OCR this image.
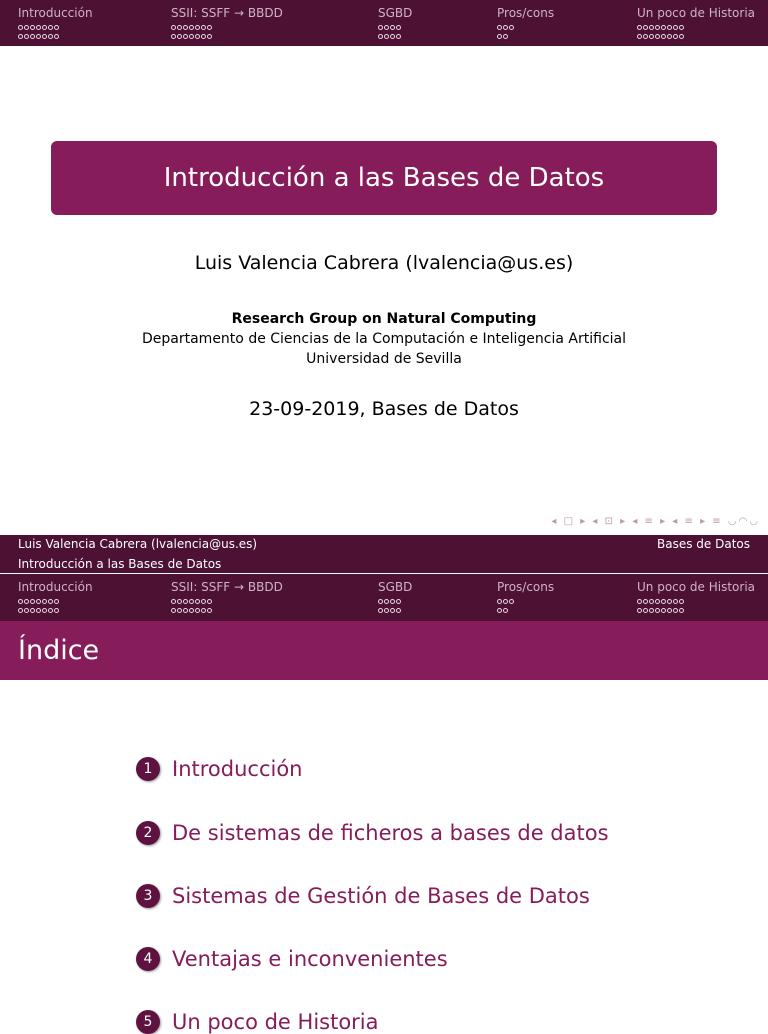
Introducción	SSII: SSFF → BBDD	SGBD	Pros/cons	Un poco de Historia

Introducción a las Bases de Datos
Luis Valencia Cabrera (lvalencia@us.es)
Research Group on Natural Computing
Departamento de Ciencias de la Computación e Inteligencia Artificial
Universidad de Sevilla
23-09-2019, Bases de Datos
◂ □ ▸ ◂ ⊡ ▸ ◂ ≡ ▸ ◂ ≡ ▸ ≡ ◡◠◡
Luis Valencia Cabrera (lvalencia@us.es)	Bases de Datos
Introducción a las Bases de Datos
Introducción	SSII: SSFF → BBDD	SGBD	Pros/cons	Un poco de Historia

Índice
1 Introducción
2 De sistemas de ficheros a bases de datos
3 Sistemas de Gestión de Bases de Datos
4 Ventajas e inconvenientes
5 Un poco de Historia
